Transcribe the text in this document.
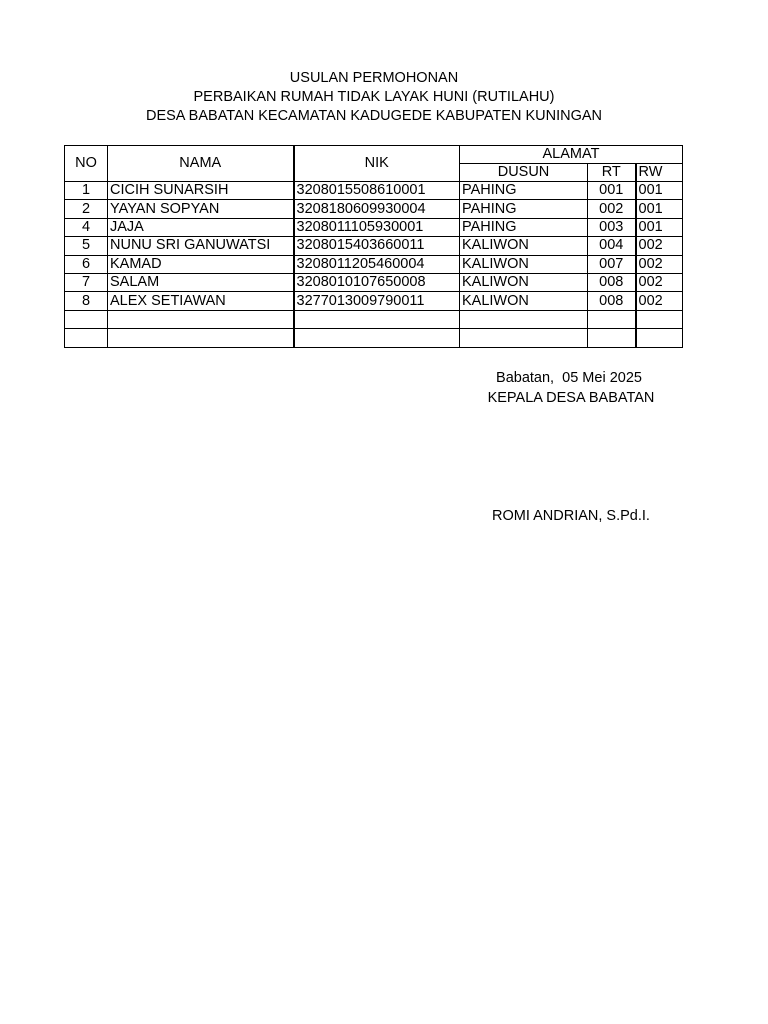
USULAN PERMOHONAN
PERBAIKAN RUMAH TIDAK LAYAK HUNI (RUTILAHU)
DESA BABATAN KECAMATAN KADUGEDE KABUPATEN KUNINGAN
NO	NAMA	NIK	ALAMAT		
			DUSUN	RT	RW
1	CICIH SUNARSIH	3208015508610001	PAHING	001	001
2	YAYAN SOPYAN	3208180609930004	PAHING	002	001
4	JAJA	3208011105930001	PAHING	003	001
5	NUNU SRI GANUWATSI	3208015403660011	KALIWON	004	002
6	KAMAD	3208011205460004	KALIWON	007	002
7	SALAM	3208010107650008	KALIWON	008	002
8	ALEX SETIAWAN	3277013009790011	KALIWON	008	002

Babatan,  05 Mei 2025
KEPALA DESA BABATAN
ROMI ANDRIAN, S.Pd.I.
